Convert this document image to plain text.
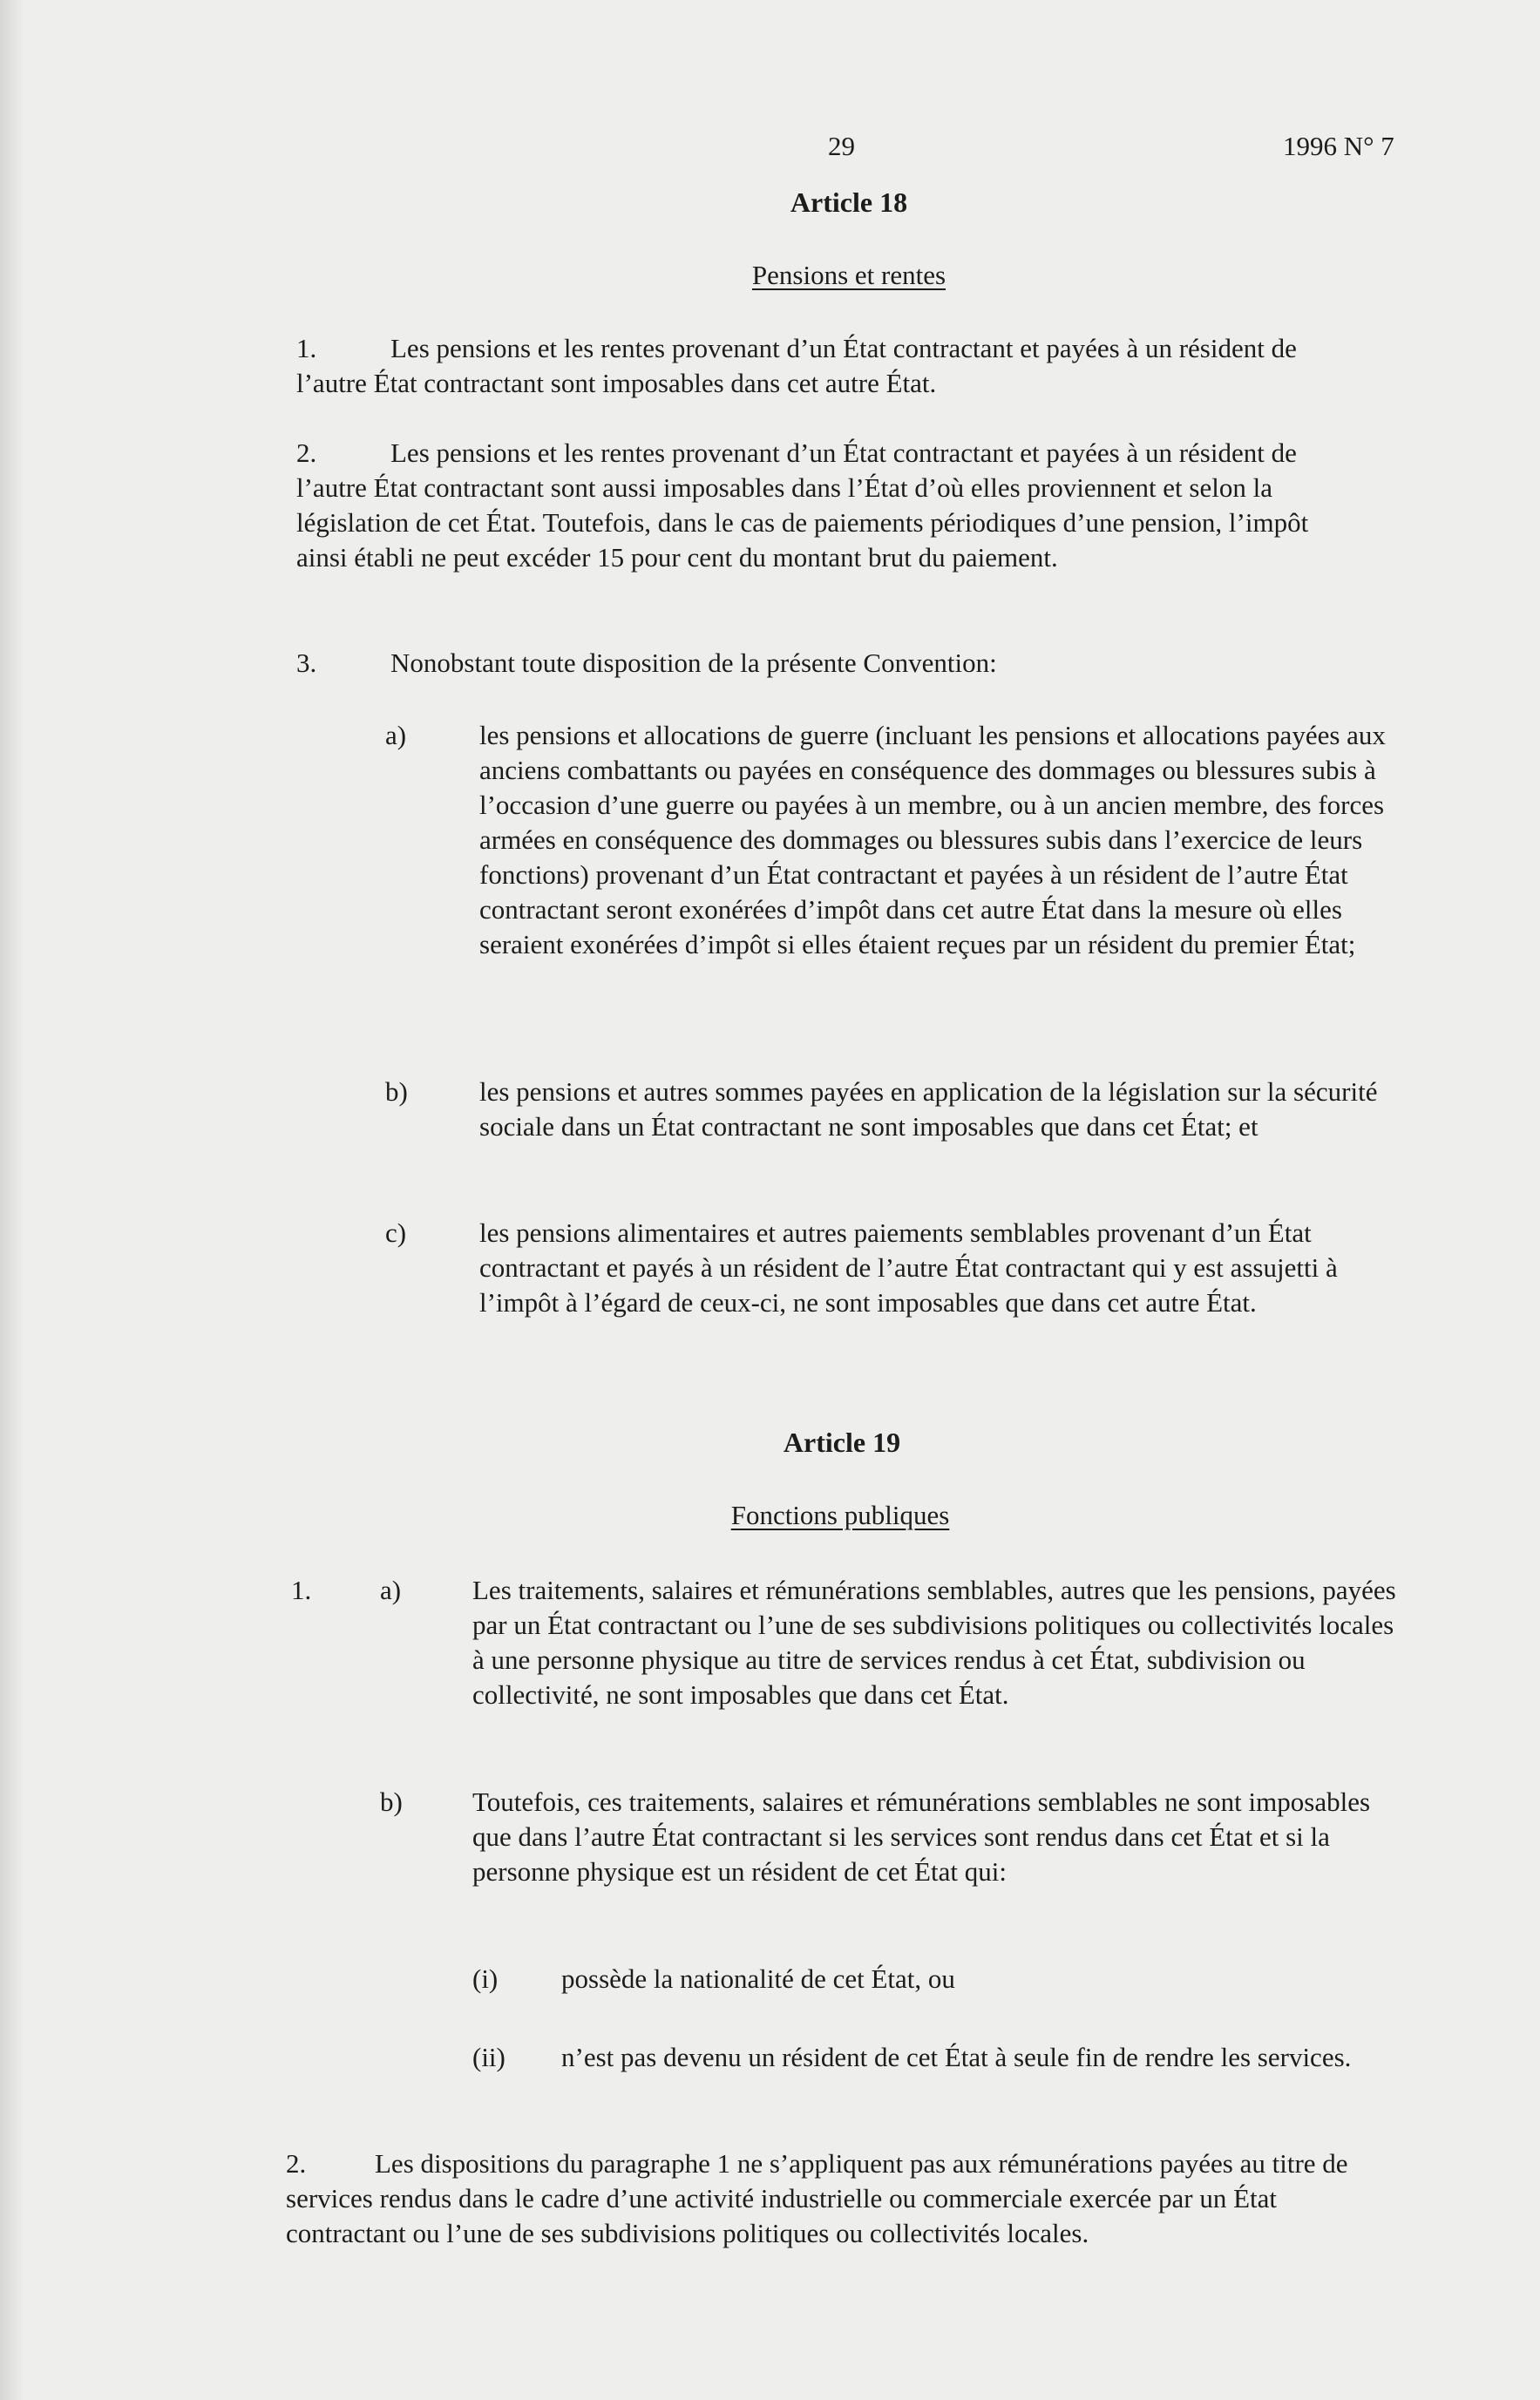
29	1996 N° 7
Article 18
Pensions et rentes
1.	Les pensions et les rentes provenant d’un État contractant et payées à un résident de l’autre État contractant sont imposables dans cet autre État.

2.	Les pensions et les rentes provenant d’un État contractant et payées à un résident de l’autre État contractant sont aussi imposables dans l’État d’où elles proviennent et selon la législation de cet État. Toutefois, dans le cas de paiements périodiques d’une pension, l’impôt ainsi établi ne peut excéder 15 pour cent du montant brut du paiement.

3.	Nonobstant toute disposition de la présente Convention:

a)	les pensions et allocations de guerre (incluant les pensions et allocations payées aux anciens combattants ou payées en conséquence des dommages ou blessures subis à l’occasion d’une guerre ou payées à un membre, ou à un ancien membre, des forces armées en conséquence des dommages ou blessures subis dans l’exercice de leurs fonctions) provenant d’un État contractant et payées à un résident de l’autre État contractant seront exonérées d’impôt dans cet autre État dans la mesure où elles seraient exonérées d’impôt si elles étaient reçues par un résident du premier État;

b)	les pensions et autres sommes payées en application de la législation sur la sécurité sociale dans un État contractant ne sont imposables que dans cet État; et

c)	les pensions alimentaires et autres paiements semblables provenant d’un État contractant et payés à un résident de l’autre État contractant qui y est assujetti à l’impôt à l’égard de ceux-ci, ne sont imposables que dans cet autre État.

Article 19
Fonctions publiques
1.	a)	Les traitements, salaires et rémunérations semblables, autres que les pensions, payées par un État contractant ou l’une de ses subdivisions politiques ou collectivités locales à une personne physique au titre de services rendus à cet État, subdivision ou collectivité, ne sont imposables que dans cet État.

b)	Toutefois, ces traitements, salaires et rémunérations semblables ne sont imposables que dans l’autre État contractant si les services sont rendus dans cet État et si la personne physique est un résident de cet État qui:

(i) possède la nationalité de cet État, ou

(ii) n’est pas devenu un résident de cet État à seule fin de rendre les services.

2.	Les dispositions du paragraphe 1 ne s’appliquent pas aux rémunérations payées au titre de services rendus dans le cadre d’une activité industrielle ou commerciale exercée par un État contractant ou l’une de ses subdivisions politiques ou collectivités locales.
